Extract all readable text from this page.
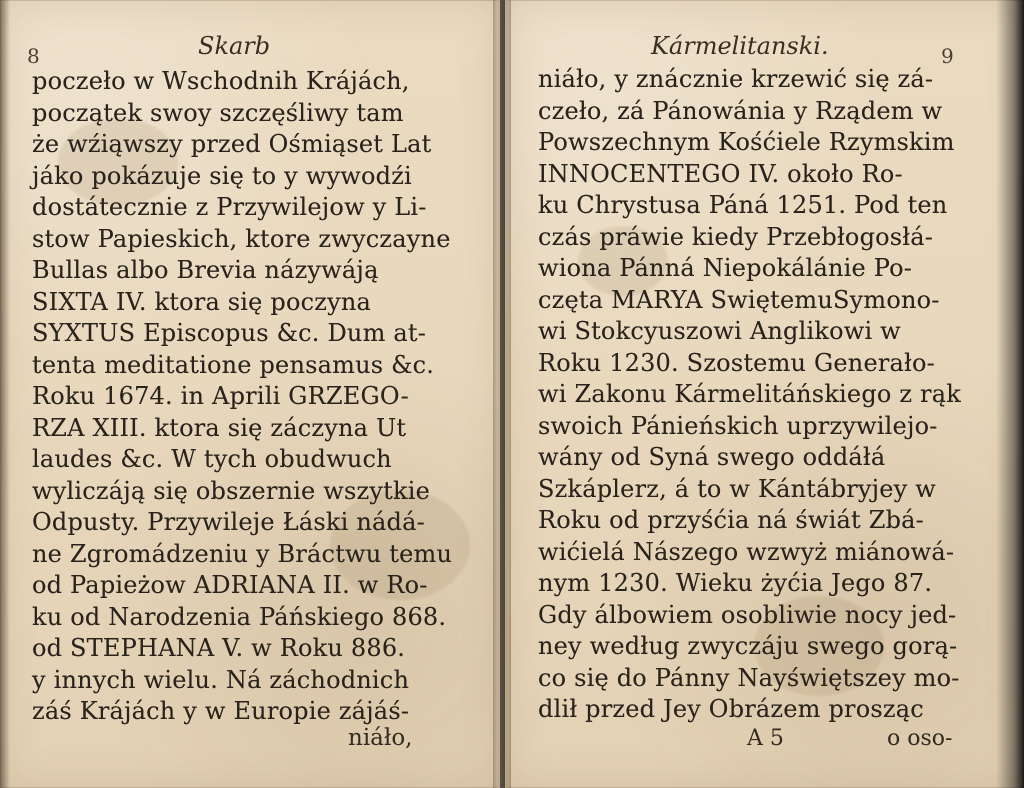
8	Skarb
poczeło w Wschodnih Krájách,
początek swoy szczęśliwy tam
że wźiąwszy przed Ośmiąset Lat
jáko pokázuje się to y wywodźi
dostátecznie z Przywilejow y Li-
stow Papieskich, ktore zwyczayne
Bullas albo Brevia názywáją
SIXTA IV. ktora się poczyna
SYXTUS Episcopus &c. Dum at-
tenta meditatione pensamus &c.
Roku 1674. in Aprili GRZEGO-
RZA XIII. ktora się záczyna Ut
laudes &c. W tych obudwuch
wyliczáją się obszernie wszytkie
Odpusty. Przywileje Łáski nádá-
ne Zgromádzeniu y Bráctwu temu
od Papieżow ADRIANA II. w Ro-
ku od Narodzenia Páńskiego 868.
od STEPHANA V. w Roku 886.
y innych wielu. Ná záchodnich
záś Krájách y w Europie zájáś-
niáło,
Kármelitanski.	9
niáło, y znácznie krzewić się zá-
czeło, zá Pánowánia y Rządem w
Powszechnym Kośćiele Rzymskim
INNOCENTEGO IV. około Ro-
ku Chrystusa Páná 1251. Pod ten
czás práwie kiedy Przebłogosłá-
wiona Pánná Niepokálánie Po-
częta MARYA SwiętemuSymono-
wi Stokcyuszowi Anglikowi w
Roku 1230. Szostemu Generało-
wi Zakonu Kármelitáńskiego z rąk
swoich Pánieńskich uprzywilejo-
wány od Syná swego oddáłá
Szkáplerz, á to w Kántábryjey w
Roku od przyśćia ná świát Zbá-
wićielá Nászego wzwyż miánowá-
nym 1230. Wieku żyćia Jego 87.
Gdy álbowiem osobliwie nocy jed-
ney według zwyczáju swego gorą-
co się do Pánny Nayświętszey mo-
dlił przed Jey Obrázem prosząc
A 5	o oso-
